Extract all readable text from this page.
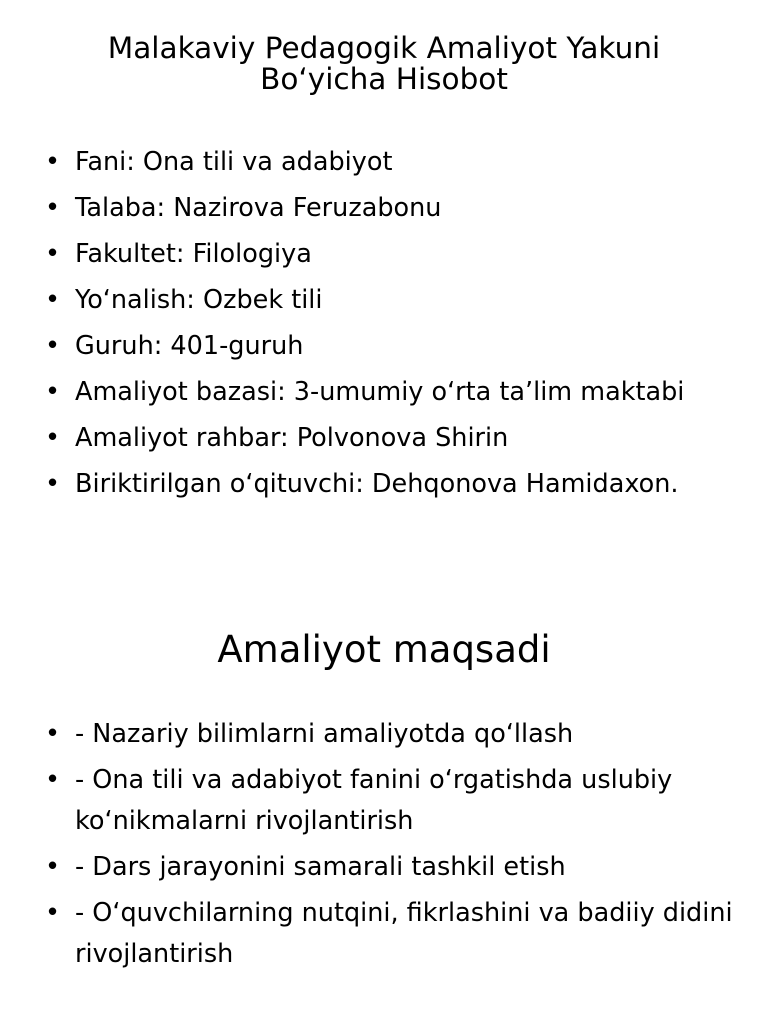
Malakaviy Pedagogik Amaliyot Yakuni
Bo‘yicha Hisobot
• Fani: Ona tili va adabiyot
• Talaba: Nazirova Feruzabonu
• Fakultet: Filologiya
• Yo‘nalish: Ozbek tili
• Guruh: 401-guruh
• Amaliyot bazasi: 3-umumiy o‘rta ta’lim maktabi
• Amaliyot rahbar: Polvonova Shirin
• Biriktirilgan o‘qituvchi: Dehqonova Hamidaxon.
Amaliyot maqsadi
• - Nazariy bilimlarni amaliyotda qo‘llash
• - Ona tili va adabiyot fanini o‘rgatishda uslubiy ko‘nikmalarni rivojlantirish
• - Dars jarayonini samarali tashkil etish
• - O‘quvchilarning nutqini, fikrlashini va badiiy didini rivojlantirish
